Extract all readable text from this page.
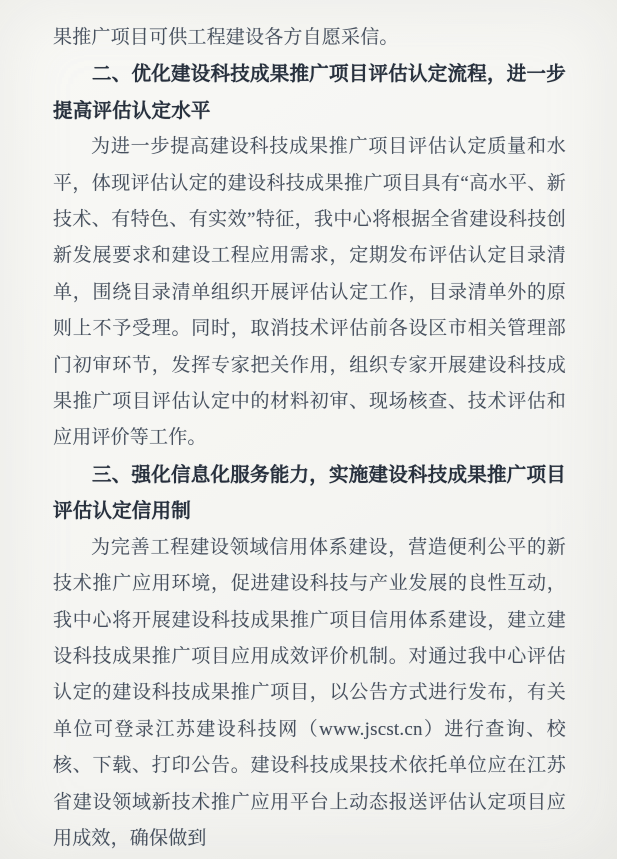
果推广项目可供工程建设各方自愿采信。

二、优化建设科技成果推广项目评估认定流程，进一步提高评估认定水平

为进一步提高建设科技成果推广项目评估认定质量和水平，体现评估认定的建设科技成果推广项目具有“高水平、新技术、有特色、有实效”特征，我中心将根据全省建设科技创新发展要求和建设工程应用需求，定期发布评估认定目录清单，围绕目录清单组织开展评估认定工作，目录清单外的原则上不予受理。同时，取消技术评估前各设区市相关管理部门初审环节，发挥专家把关作用，组织专家开展建设科技成果推广项目评估认定中的材料初审、现场核查、技术评估和应用评价等工作。

三、强化信息化服务能力，实施建设科技成果推广项目评估认定信用制

为完善工程建设领域信用体系建设，营造便利公平的新技术推广应用环境，促进建设科技与产业发展的良性互动，我中心将开展建设科技成果推广项目信用体系建设，建立建设科技成果推广项目应用成效评价机制。对通过我中心评估认定的建设科技成果推广项目，以公告方式进行发布，有关单位可登录江苏建设科技网（www.jscst.cn）进行查询、校核、下载、打印公告。建设科技成果技术依托单位应在江苏省建设领域新技术推广应用平台上动态报送评估认定项目应用成效，确保做到
